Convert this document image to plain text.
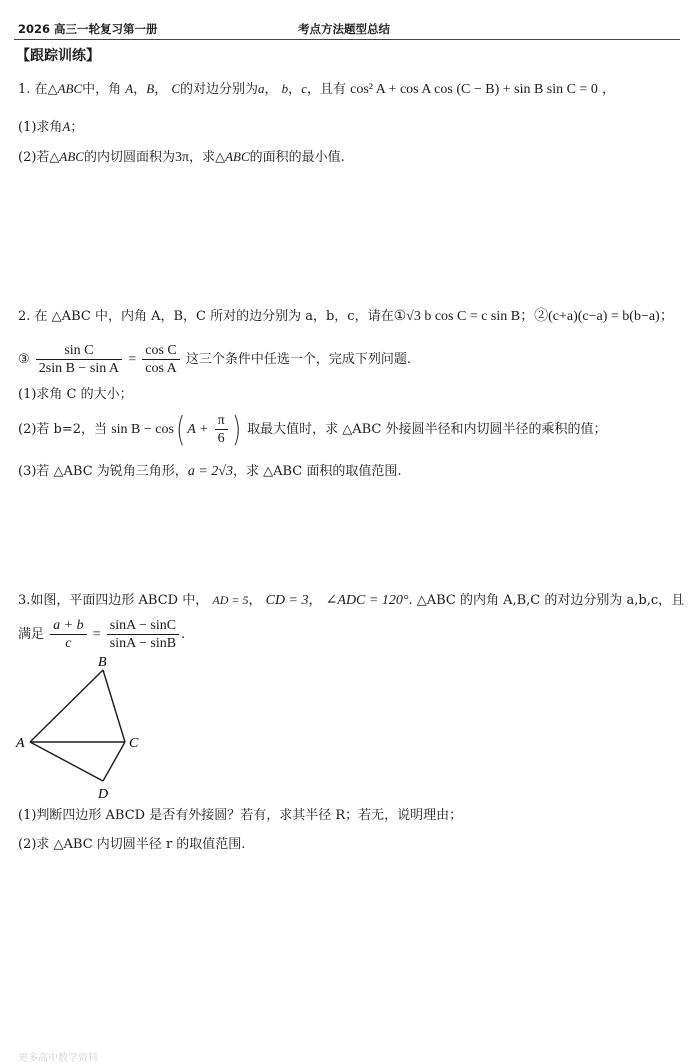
2026 高三一轮复习第一册	考点方法题型总结
【跟踪训练】
1. 在△ABC中，角 A，B， C的对边分别为a， b，c，且有 cos² A + cos A cos (C − B) + sin B sin C = 0 ，
(1)求角A；
(2)若△ABC的内切圆面积为3π，求△ABC的面积的最小值.
2. 在 △ABC 中，内角 A，B，C 所对的边分别为 a，b，c，请在①√3 b cos C = c sin B；②(c+a)(c−a) = b(b−a)；
③ $\frac{\text{sin C}}{\text{2sin B − sin A}} = \frac{\text{cos C}}{\text{cos A}}$ 这三个条件中任选一个，完成下列问题.
(1)求角 C 的大小；
(2)若 b=2，当 sin B − cos( $A + \frac{\pi}{6}$ ) 取最大值时，求 △ABC 外接圆半径和内切圆半径的乘积的值；
(3)若 △ABC 为锐角三角形，a = 2√3，求 △ABC 面积的取值范围.
3.如图，平面四边形 ABCD 中， AD = 5， CD = 3， ∠ADC = 120°. △ABC 的内角 A,B,C 的对边分别为 a,b,c，且
满足 $\frac{a + b}{c} = \frac{\sin A - \sin C}{\sin A - \sin B}$ .
B
A	C
D
(1)判断四边形 ABCD 是否有外接圆？若有，求其半径 R；若无，说明理由；
(2)求 △ABC 内切圆半径 r 的取值范围.
更多高中数学资料
